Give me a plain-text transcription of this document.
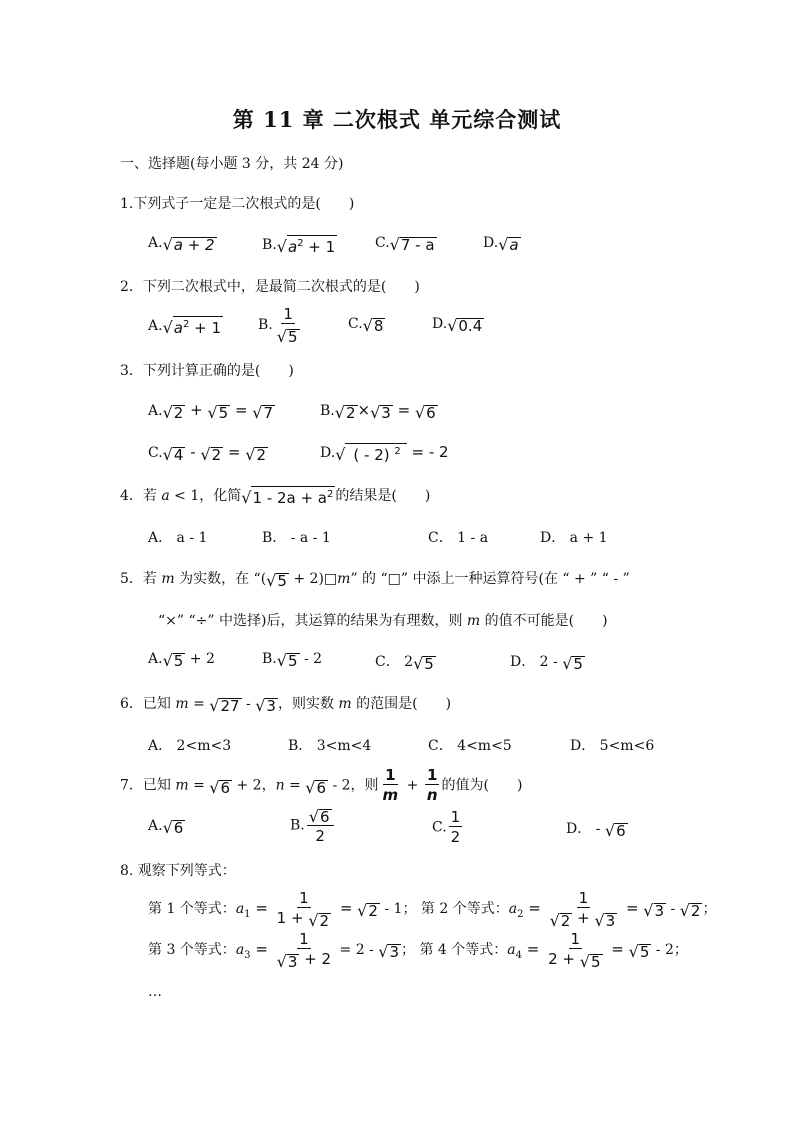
第 11 章 二次根式 单元综合测试
一、选择题(每小题 3 分，共 24 分)
1.下列式子一定是二次根式的是(　　)
A. √ a + 2	B. √ $a^2 + 1$	C. √ 7 - a	D. √ a
2．下列二次根式中，是最简二次根式的是(　　)
A. √ $a^2 + 1$	B. $\frac{1}{√ 5}$	C. √ 8	D. √ 0.4
3．下列计算正确的是(　　)
A. √ 2 + √ 5 = √ 7	B. √ 2 × √ 3 = √ 6
C. √ 4 - √ 2 = √ 2	D. √ ( - 2) $^2$ = - 2
4．若 a < 1，化简 √ $1 - 2a + a^2$ 的结果是(　　)
A． a - 1	B． - a - 1	C． 1 - a	D． a + 1
5．若 m 为实数，在 “( √ 5 + 2)□m” 的 “□” 中添上一种运算符号(在 “ + ” “ - ”
“×” “÷” 中选择)后，其运算的结果为有理数，则 m 的值不可能是(　　)
A. √ 5 + 2	B. √ 5 - 2	C． 2 √ 5	D． 2 - √ 5
6．已知 m = √ 27 - √ 3 ，则实数 m 的范围是(　　)
A． 2<m<3	B． 3<m<4	C． 4<m<5	D． 5<m<6
7．已知 m = √ 6 + 2，n = √ 6 - 2，则 $\frac{1}{m} + \frac{1}{n}$ 的值为(　　)
A. √ 6	B. $\frac{√ 6}{2}$	C. $\frac{1}{2}$	D． - √ 6
8. 观察下列等式：
第 1 个等式：$a_1 = \frac{1}{1 + √ 2}$ = √ 2 - 1； 第 2 个等式：$a_2 = \frac{1}{√ 2 + √ 3}$ = √ 3 - √ 2 ；
第 3 个等式：$a_3 = \frac{1}{√ 3 + 2} = 2$ - √ 3 ； 第 4 个等式：$a_4 = \frac{1}{2 + √ 5}$ = √ 5 - 2；
…
